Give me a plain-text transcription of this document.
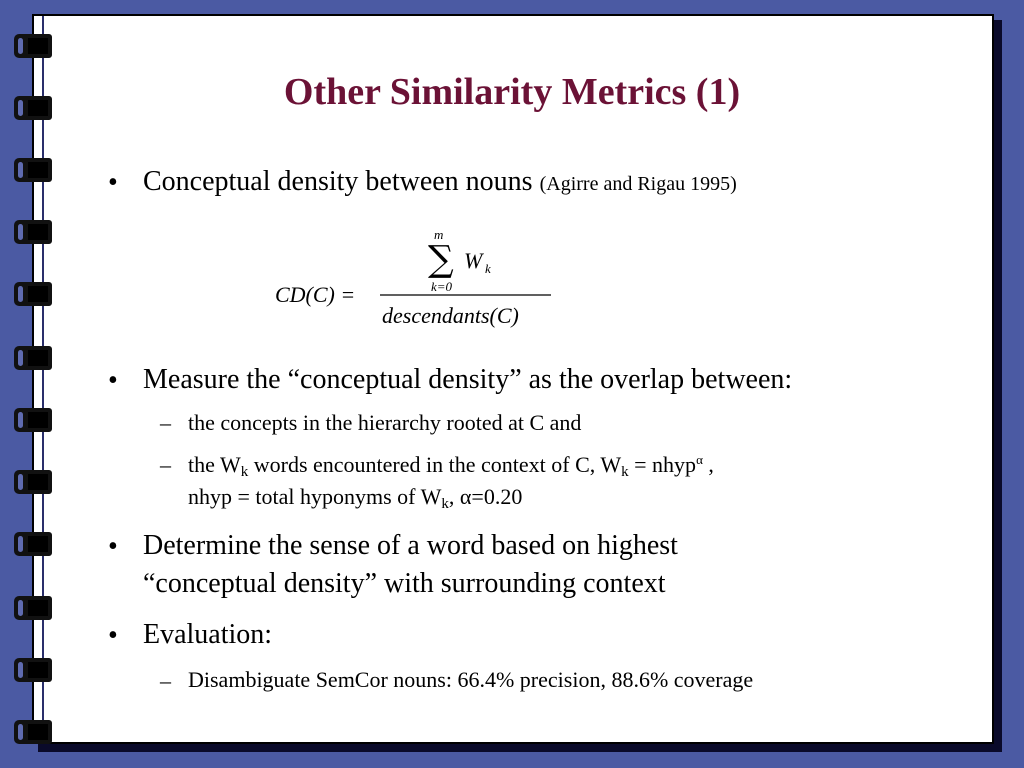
Other Similarity Metrics (1)
• Conceptual density between nouns (Agirre and Rigau 1995)
CD(C) =
m
∑ W k
k=0
descendants(C)
• Measure the “conceptual density” as the overlap between:
– the concepts in the hierarchy rooted at C and
– the $W_k$ words encountered in the context of C, $W_k$ = nhyp$^\alpha$ ,
nhyp = total hyponyms of $W_k$, α=0.20
• Determine the sense of a word based on highest
“conceptual density” with surrounding context
• Evaluation:
– Disambiguate SemCor nouns: 66.4% precision, 88.6% coverage
